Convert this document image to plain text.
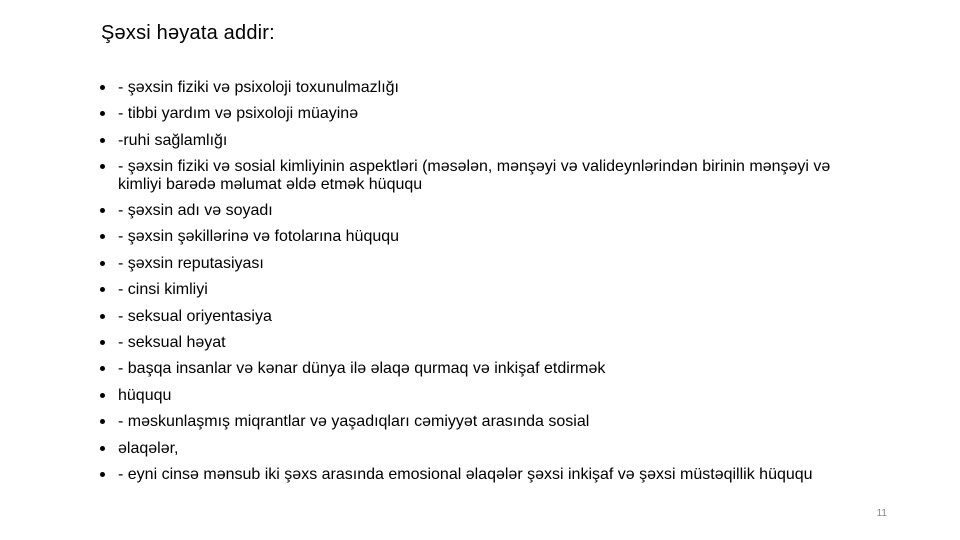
Şəxsi həyata addir:
- şəxsin fiziki və psixoloji toxunulmazlığı
- tibbi yardım və psixoloji müayinə
-ruhi sağlamlığı
- şəxsin fiziki və sosial kimliyinin aspektləri (məsələn, mənşəyi və valideynlərindən birinin mənşəyi və kimliyi barədə məlumat əldə etmək hüququ
- şəxsin adı və soyadı
- şəxsin şəkillərinə və fotolarına hüququ
- şəxsin reputasiyası
- cinsi kimliyi
- seksual oriyentasiya
- seksual həyat
- başqa insanlar və kənar dünya ilə əlaqə qurmaq və inkişaf etdirmək
hüququ
- məskunlaşmış miqrantlar və yaşadıqları cəmiyyət arasında sosial
əlaqələr,
- eyni cinsə mənsub iki şəxs arasında emosional əlaqələr şəxsi inkişaf və şəxsi müstəqillik hüququ
11
